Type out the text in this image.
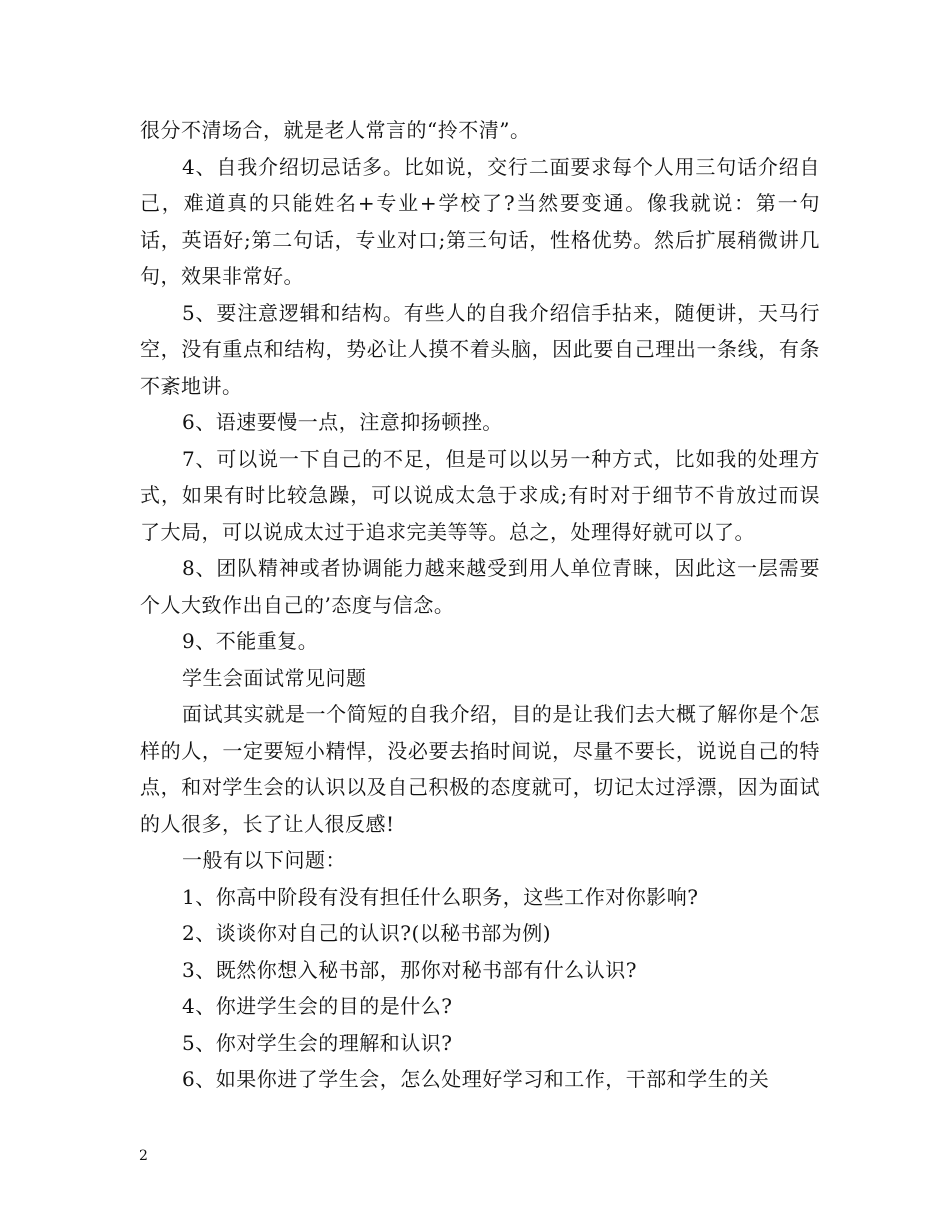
很分不清场合，就是老人常言的“拎不清”。

4、自我介绍切忌话多。比如说，交行二面要求每个人用三句话介绍自己，难道真的只能姓名+专业+学校了?当然要变通。像我就说：第一句话，英语好;第二句话，专业对口;第三句话，性格优势。然后扩展稍微讲几句，效果非常好。

5、要注意逻辑和结构。有些人的自我介绍信手拈来，随便讲，天马行空，没有重点和结构，势必让人摸不着头脑，因此要自己理出一条线，有条不紊地讲。

6、语速要慢一点，注意抑扬顿挫。

7、可以说一下自己的不足，但是可以以另一种方式，比如我的处理方式，如果有时比较急躁，可以说成太急于求成;有时对于细节不肯放过而误了大局，可以说成太过于追求完美等等。总之，处理得好就可以了。

8、团队精神或者协调能力越来越受到用人单位青睐，因此这一层需要个人大致作出自己的’态度与信念。

9、不能重复。

学生会面试常见问题

面试其实就是一个简短的自我介绍，目的是让我们去大概了解你是个怎样的人，一定要短小精悍，没必要去掐时间说，尽量不要长，说说自己的特点，和对学生会的认识以及自己积极的态度就可，切记太过浮漂，因为面试的人很多，长了让人很反感!

一般有以下问题：

1、你高中阶段有没有担任什么职务，这些工作对你影响?

2、谈谈你对自己的认识?(以秘书部为例)

3、既然你想入秘书部，那你对秘书部有什么认识?

4、你进学生会的目的是什么?

5、你对学生会的理解和认识?

6、如果你进了学生会，怎么处理好学习和工作，干部和学生的关

2
